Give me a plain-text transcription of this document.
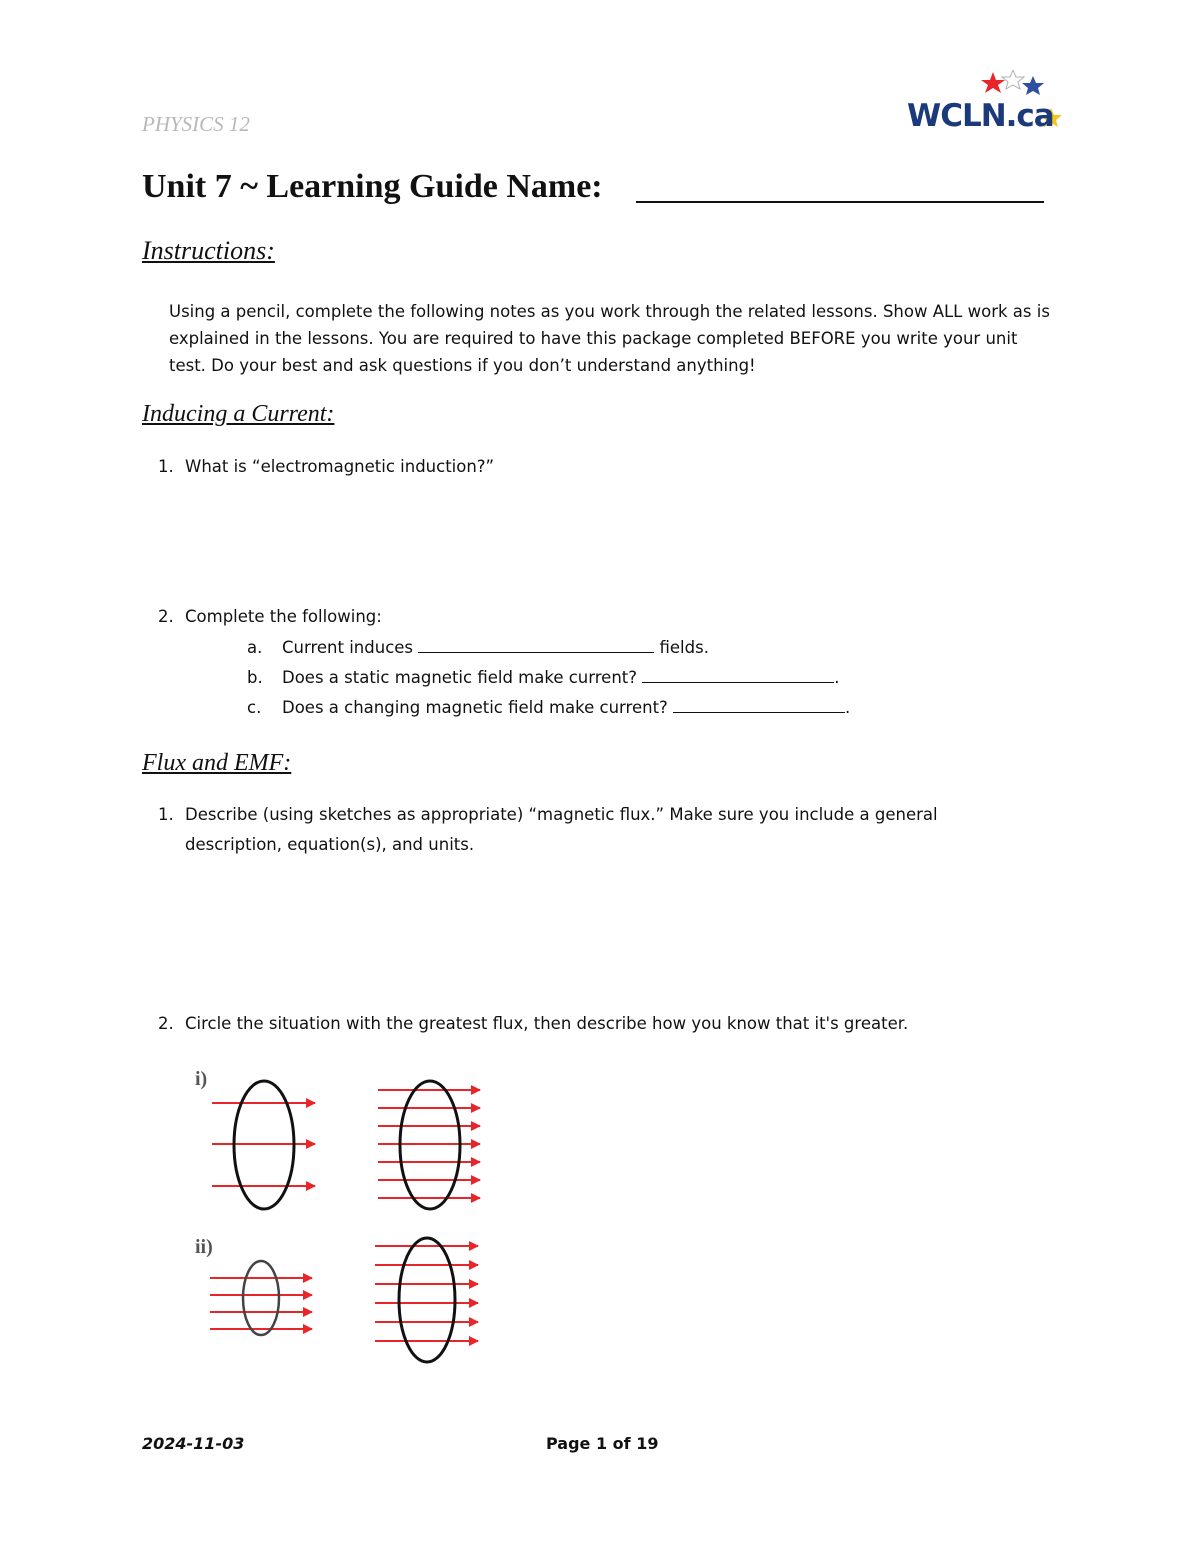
PHYSICS 12	WCLN.ca
Unit 7 ~ Learning Guide Name:
Instructions:
Using a pencil, complete the following notes as you work through the related lessons. Show ALL work as is explained in the lessons. You are required to have this package completed BEFORE you write your unit test. Do your best and ask questions if you don’t understand anything!
Inducing a Current:
1. What is “electromagnetic induction?”
2. Complete the following:
a. Current induces	fields.
b. Does a static magnetic field make current?	.
c. Does a changing magnetic field make current?	.
Flux and EMF:
1. Describe (using sketches as appropriate) “magnetic flux.” Make sure you include a general
description, equation(s), and units.
2. Circle the situation with the greatest flux, then describe how you know that it's greater.
i)
ii)
2024-11-03	Page 1 of 19
